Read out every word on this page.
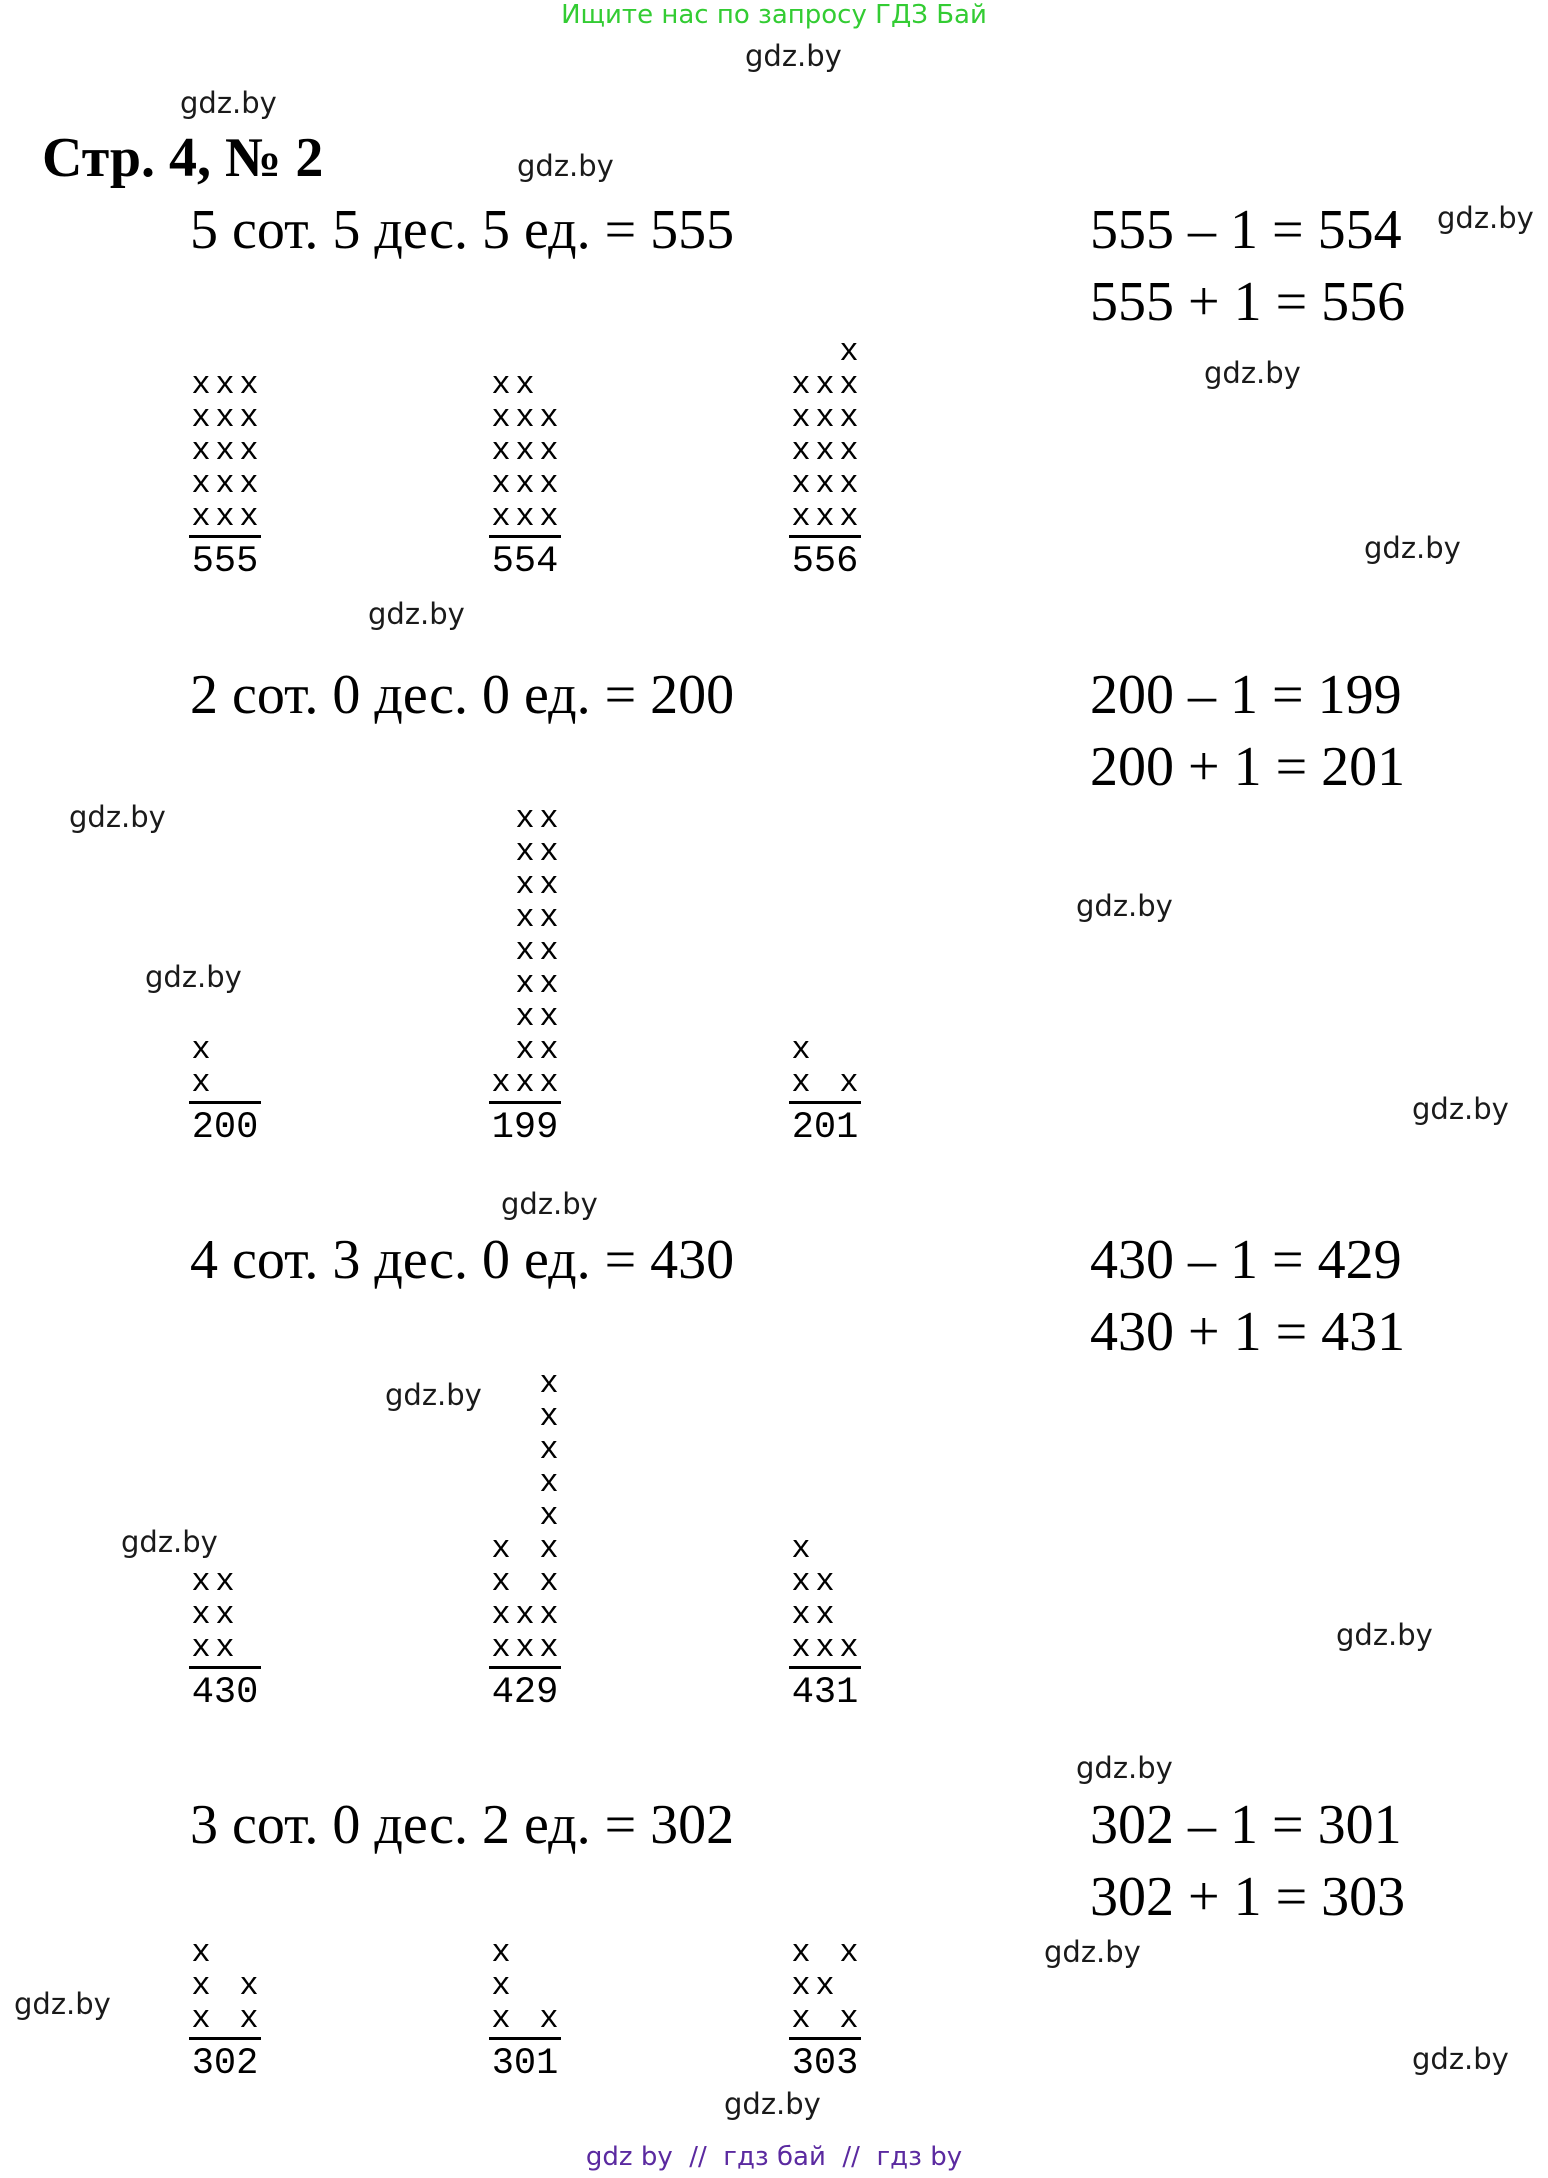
Ищите нас по запросу ГДЗ Бай
Стр. 4, № 2
5 сот. 5 дес. 5 ед. = 555	555 – 1 = 554
555 + 1 = 556
x x x
x x x
x x x
x x x
x x x
555
x x
x x x
x x x
x x x
x x x
554
x
x x x
x x x
x x x
x x x
x x x
556
2 сот. 0 дес. 0 ед. = 200	200 – 1 = 199
200 + 1 = 201
x
x
200
x x
x x
x x
x x
x x
x x
x x
x x
x x x
199
x
x x
201
4 сот. 3 дес. 0 ед. = 430	430 – 1 = 429
430 + 1 = 431
x x
x x
x x
430
x
x
x
x
x
x x
x x
x x x
x x x
429
x
x x
x x
x x x
431
3 сот. 0 дес. 2 ед. = 302	302 – 1 = 301
302 + 1 = 303
x
x x
x x
302
x
x
x x
301
x x
x x
x x
303
gdz.by
gdz.by
gdz.by
gdz.by
gdz.by
gdz.by
gdz.by
gdz.by
gdz.by
gdz.by
gdz.by
gdz.by
gdz.by
gdz.by
gdz.by
gdz.by
gdz.by
gdz.by
gdz.by
gdz.by
gdz by  //  гдз бай  //  гдз by
